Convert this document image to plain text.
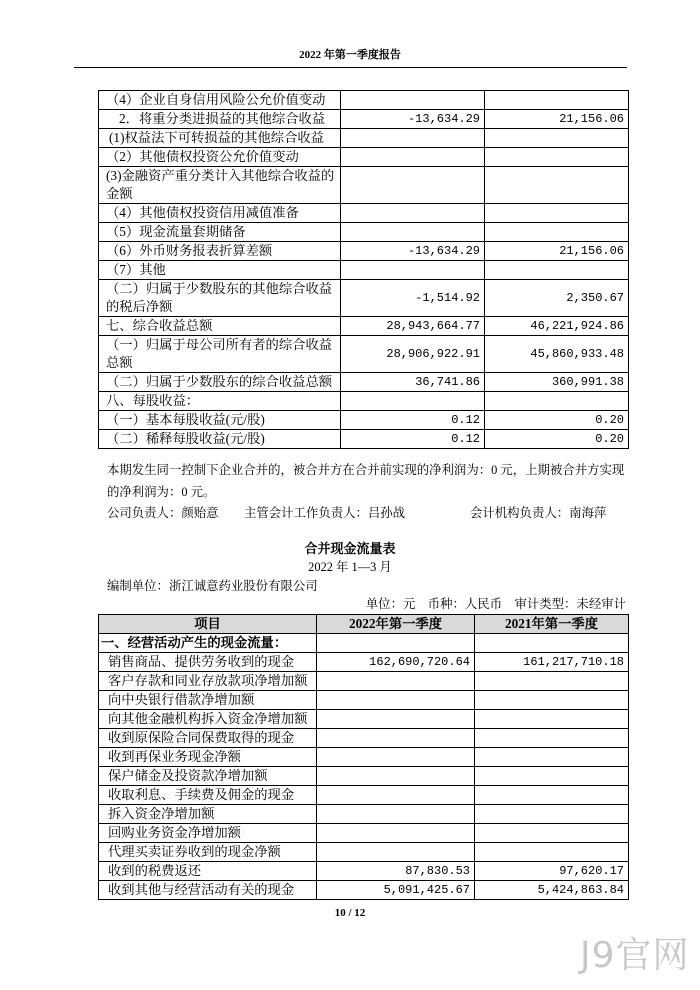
2022 年第一季度报告
（4）企业自身信用风险公允价值变动		
2．将重分类进损益的其他综合收益	-13,634.29	21,156.06
(1)权益法下可转损益的其他综合收益		
（2）其他债权投资公允价值变动		
(3)金融资产重分类计入其他综合收益的金额		
（4）其他债权投资信用减值准备		
（5）现金流量套期储备		
（6）外币财务报表折算差额	-13,634.29	21,156.06
（7）其他		
（二）归属于少数股东的其他综合收益的税后净额	-1,514.92	2,350.67
七、综合收益总额	28,943,664.77	46,221,924.86
（一）归属于母公司所有者的综合收益总额	28,906,922.91	45,860,933.48
（二）归属于少数股东的综合收益总额	36,741.86	360,991.38
八、每股收益：		
（一）基本每股收益(元/股)	0.12	0.20
（二）稀释每股收益(元/股)	0.12	0.20
本期发生同一控制下企业合并的，被合并方在合并前实现的净利润为：0 元，上期被合并方实现的净利润为：0 元。
公司负责人：颜贻意 主管会计工作负责人：吕孙战	会计机构负责人：南海萍
合并现金流量表
2022 年 1—3 月
编制单位：浙江诚意药业股份有限公司
单位：元　币种：人民币　审计类型：未经审计
项目	2022年第一季度	2021年第一季度
一、经营活动产生的现金流量：		
销售商品、提供劳务收到的现金	162,690,720.64	161,217,710.18
客户存款和同业存放款项净增加额		
向中央银行借款净增加额		
向其他金融机构拆入资金净增加额		
收到原保险合同保费取得的现金		
收到再保业务现金净额		
保户储金及投资款净增加额		
收取利息、手续费及佣金的现金		
拆入资金净增加额		
回购业务资金净增加额		
代理买卖证券收到的现金净额		
收到的税费返还	87,830.53	97,620.17
收到其他与经营活动有关的现金	5,091,425.67	5,424,863.84
10 / 12
J9官网
